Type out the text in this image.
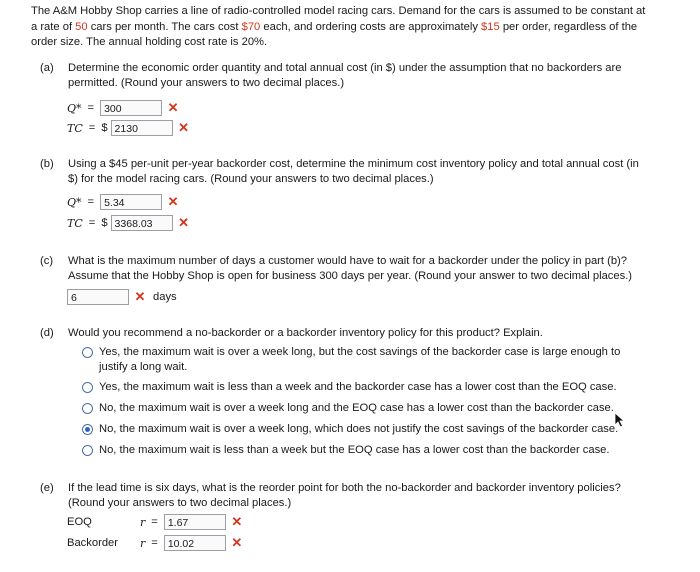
The A&M Hobby Shop carries a line of radio-controlled model racing cars. Demand for the cars is assumed to be constant at
a rate of 50 cars per month. The cars cost $70 each, and ordering costs are approximately $15 per order, regardless of the
order size. The annual holding cost rate is 20%.
(a) Determine the economic order quantity and total annual cost (in $) under the assumption that no backorders are
permitted. (Round your answers to two decimal places.)
Q* = 300	✕
TC = $ 2130	✕
(b) Using a $45 per-unit per-year backorder cost, determine the minimum cost inventory policy and total annual cost (in
$) for the model racing cars. (Round your answers to two decimal places.)
Q* = 5.34	✕
TC = $ 3368.03	✕
(c) What is the maximum number of days a customer would have to wait for a backorder under the policy in part (b)?
Assume that the Hobby Shop is open for business 300 days per year. (Round your answer to two decimal places.)
6	✕ days
(d) Would you recommend a no-backorder or a backorder inventory policy for this product? Explain.
Yes, the maximum wait is over a week long, but the cost savings of the backorder case is large enough to
justify a long wait.
Yes, the maximum wait is less than a week and the backorder case has a lower cost than the EOQ case.
No, the maximum wait is over a week long and the EOQ case has a lower cost than the backorder case.
No, the maximum wait is over a week long, which does not justify the cost savings of the backorder case.
No, the maximum wait is less than a week but the EOQ case has a lower cost than the backorder case.
(e) If the lead time is six days, what is the reorder point for both the no-backorder and backorder inventory policies?
(Round your answers to two decimal places.)
EOQ	r = 1.67	✕
Backorder	r = 10.02	✕
